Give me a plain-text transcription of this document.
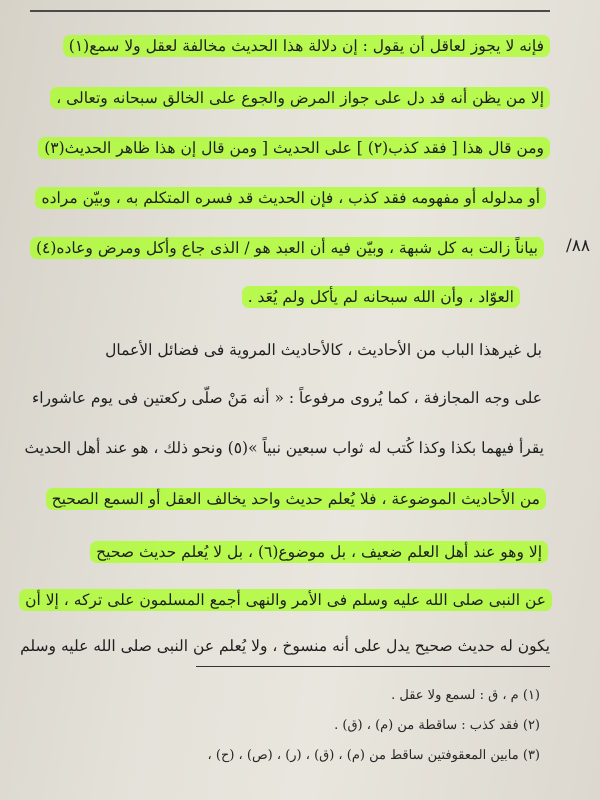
٨٨/
فإنه لا يجوز لعاقل أن يقول : إن دلالة هذا الحديث مخالفة لعقل ولا سمع(١)
إلا من يظن أنه قد دل على جواز المرض والجوع على الخالق سبحانه وتعالى ،
ومن قال هذا [ فقد كذب(٢) ] على الحديث [ ومن قال إن هذا ظاهر الحديث(٣)
أو مدلوله أو مفهومه فقد كذب ، فإن الحديث قد فسره المتكلم به ، وبيّن مراده
بياناً زالت به كل شبهة ، وبيّن فيه أن العبد هو / الذى جاع وأكل ومرض وعاده(٤)
العوّاد ، وأن الله سبحانه لم يأكل ولم يُعَد .
بل غيرهذا الباب من الأحاديث ، كالأحاديث المروية فى فضائل الأعمال
على وجه المجازفة ، كما يُروى مرفوعاً : « أنه مَنْ صلّى ركعتين فى يوم عاشوراء
يقرأ فيهما بكذا وكذا كُتب له ثواب سبعين نبياً »(٥) ونحو ذلك ، هو عند أهل الحديث
من الأحاديث الموضوعة ، فلا يُعلم حديث واحد يخالف العقل أو السمع الصحيح
إلا وهو عند أهل العلم ضعيف ، بل موضوع(٦) ، بل لا يُعلم حديث صحيح
عن النبى صلى الله عليه وسلم فى الأمر والنهى أجمع المسلمون على تركه ، إلا أن
يكون له حديث صحيح يدل على أنه منسوخ ، ولا يُعلم عن النبى صلى الله عليه وسلم
(١) م ، ق : لسمع ولا عقل .
(٢) فقد كذب : ساقطة من (م) ، (ق) .
(٣) مابين المعقوفتين ساقط من (م) ، (ق) ، (ر) ، (ص) ، (ح) ،
